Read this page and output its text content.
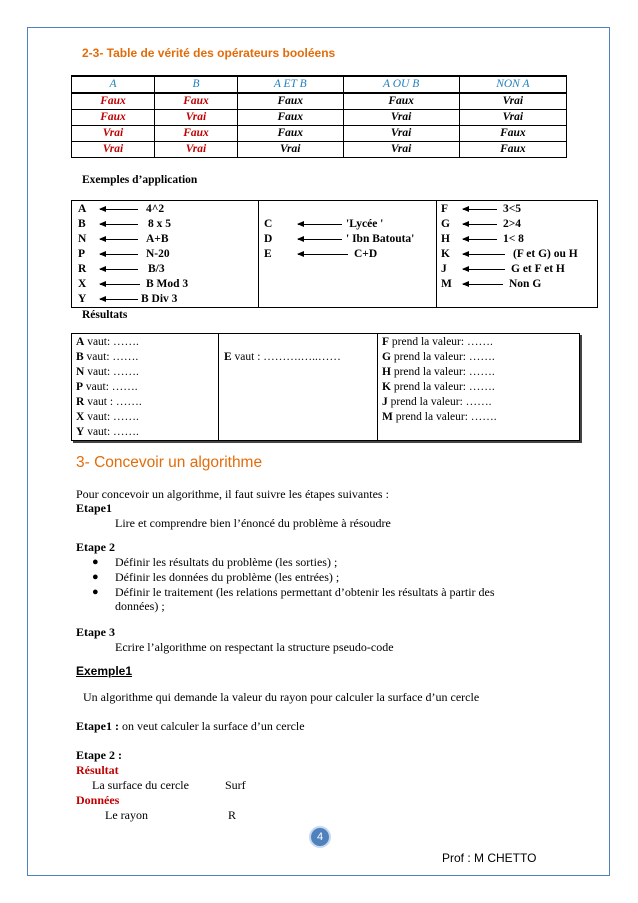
2-3- Table de vérité des opérateurs booléens
A	B	A ET B	A OU B	NON A
Faux	Faux	Faux	Faux	Vrai
Faux	Vrai	Faux	Vrai	Vrai
Vrai	Faux	Faux	Vrai	Faux
Vrai	Vrai	Vrai	Vrai	Faux
Exemples d’application
A	4^2
B	8 x 5
N	A+B
P	N-20
R	B/3
X	B Mod 3
Y	B Div 3
C	'Lycée '
D	' Ibn Batouta'
E	C+D
F	3<5
G	2>4
H	1< 8
K	(F et G) ou H
J	G et F et H
M	Non G
Résultats
A vaut: …….
B vaut: …….
N vaut: …….
P vaut: …….
R vaut : …….
X vaut: …….
Y vaut: …….
E vaut : ……….…..……
F prend la valeur: …….
G prend la valeur: …….
H prend la valeur: …….
K prend la valeur: …….
J prend la valeur: …….
M prend la valeur: …….
3- Concevoir un algorithme
Pour concevoir un algorithme, il faut suivre les étapes suivantes :
Etape1
Lire et comprendre bien l’énoncé du problème à résoudre
Etape 2
● Définir les résultats du problème (les sorties) ;
● Définir les données du problème (les entrées) ;
● Définir le traitement (les relations permettant d’obtenir les résultats à partir des
données) ;
Etape 3
Ecrire l’algorithme on respectant la structure pseudo-code
Exemple1
Un algorithme qui demande la valeur du rayon pour calculer la surface d’un cercle
Etape1 : on veut calculer la surface d’un cercle
Etape 2 :
Résultat
La surface du cercle	Surf
Données
Le rayon	R
4
Prof : M CHETTO
